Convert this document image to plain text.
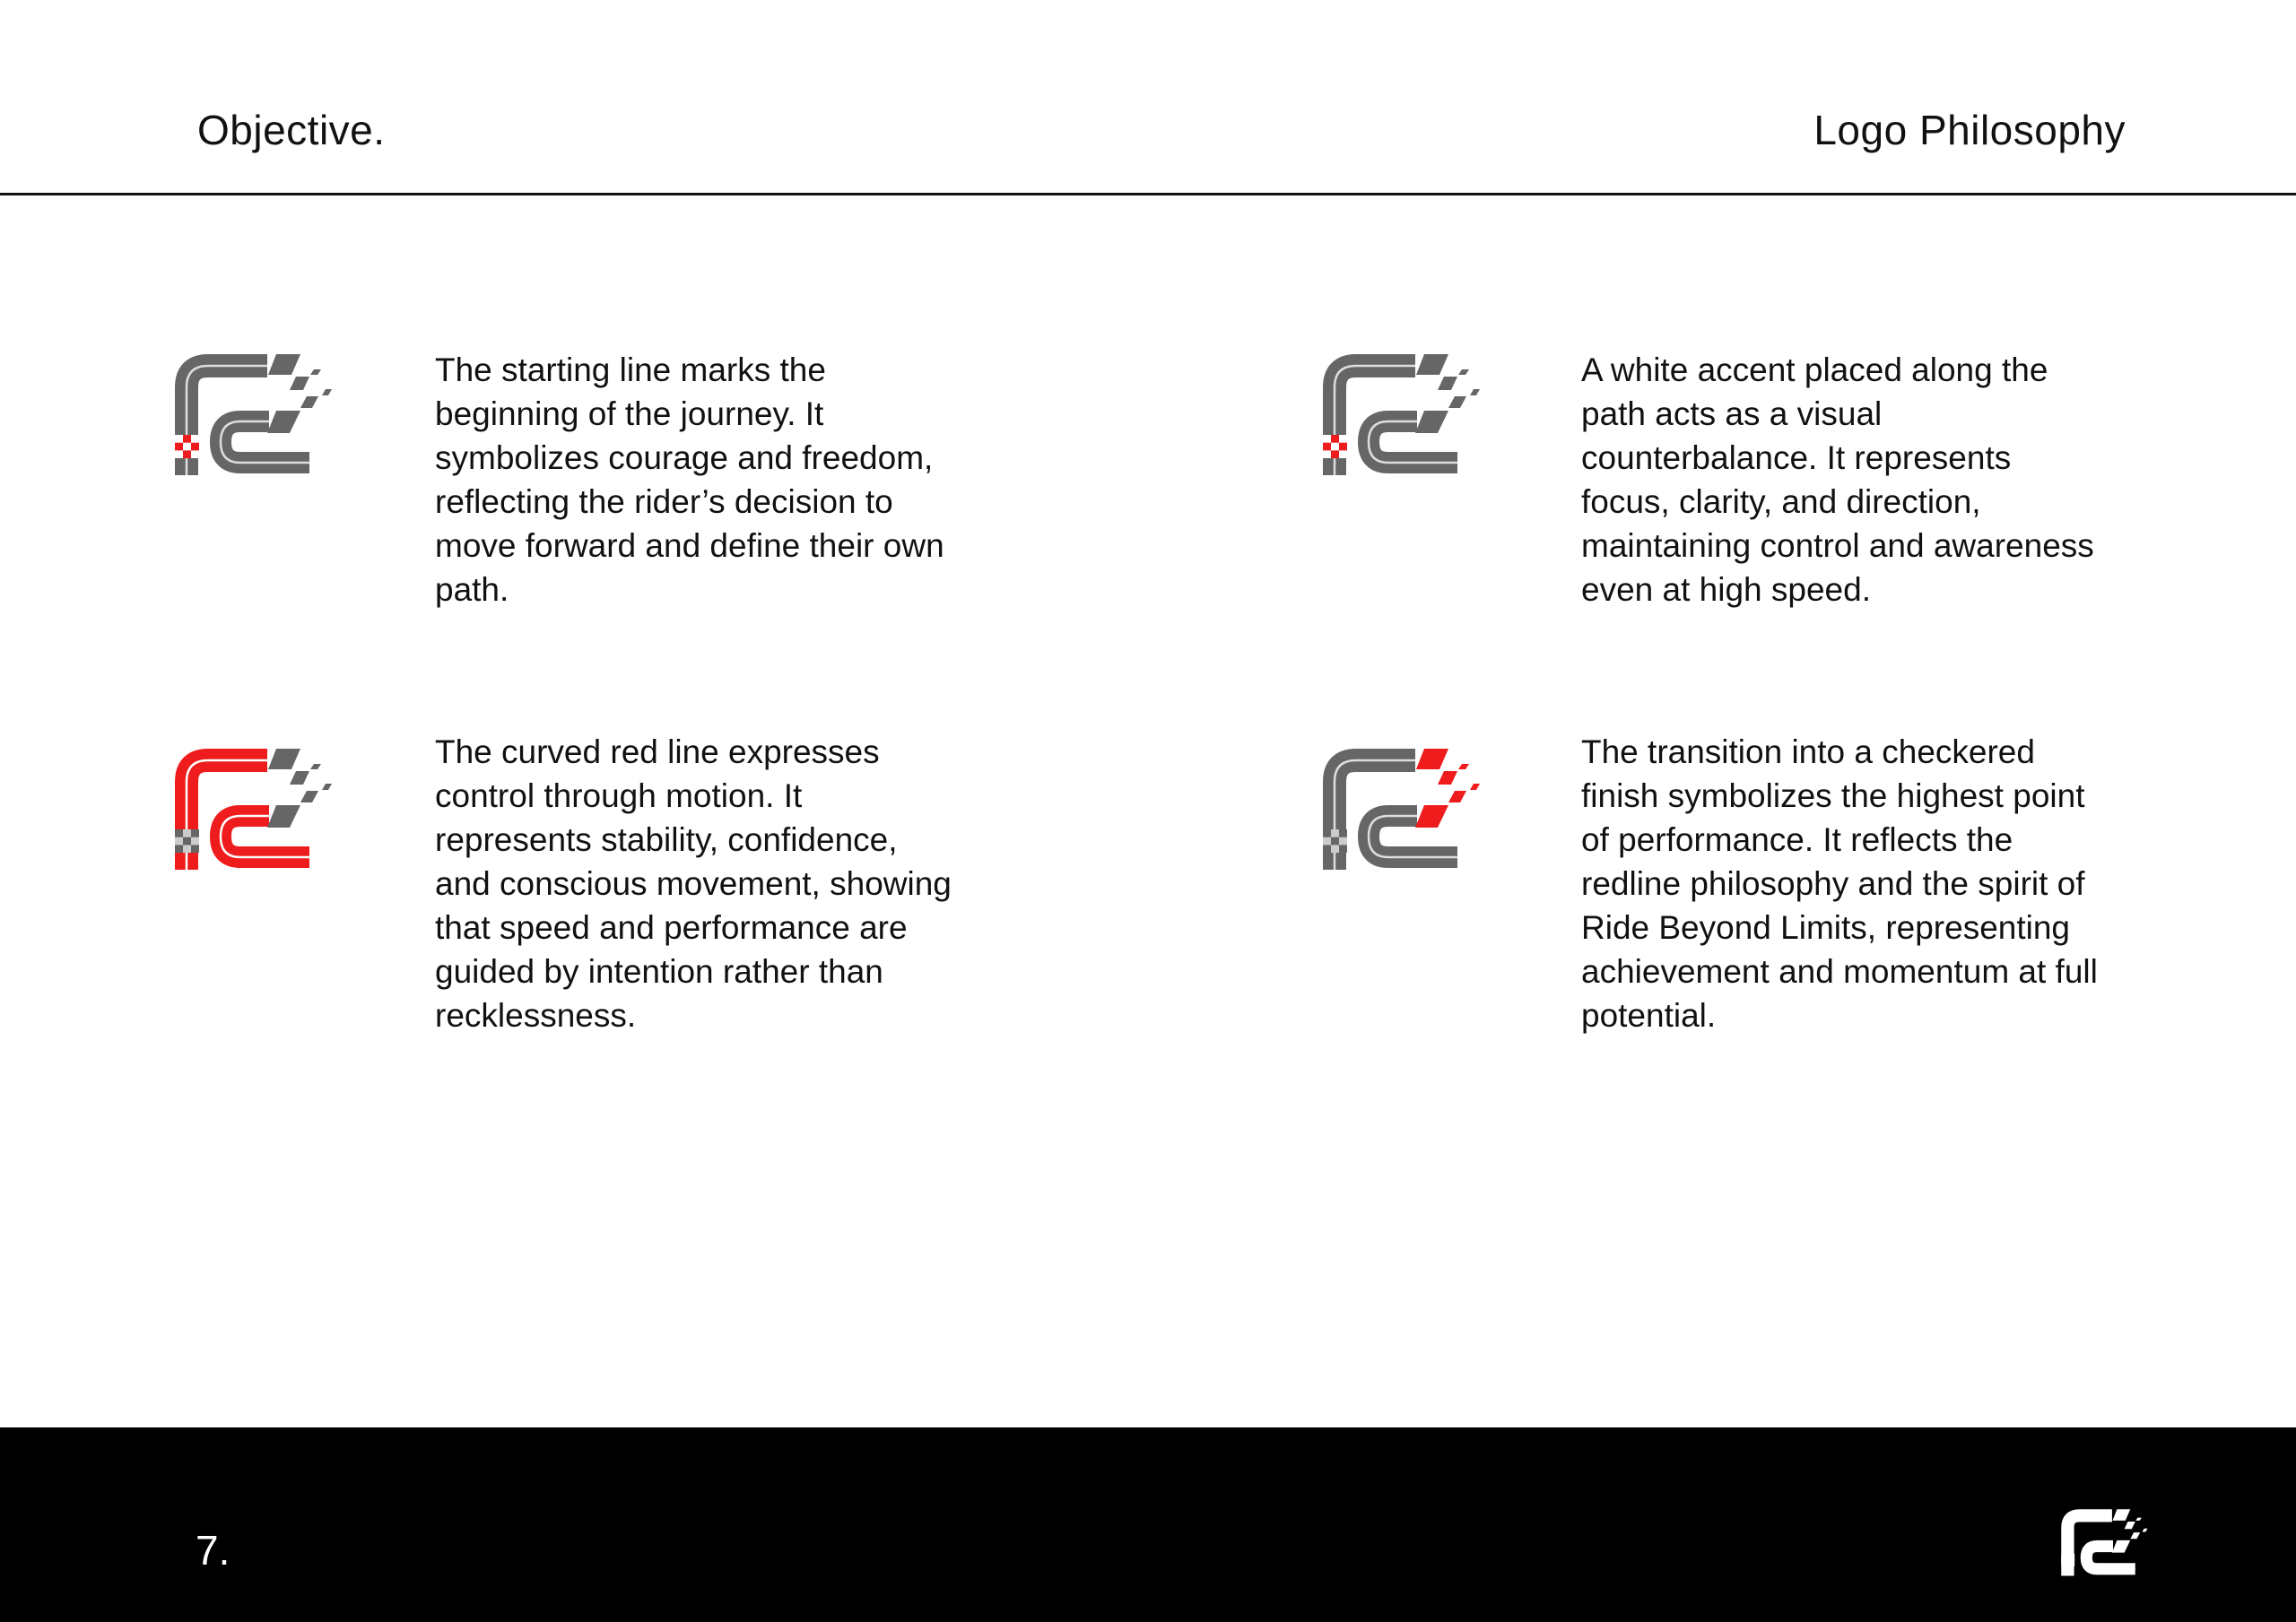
Objective.	Logo Philosophy
The starting line marks the
beginning of the journey. It
symbolizes courage and freedom,
reflecting the rider’s decision to
move forward and define their own
path.
A white accent placed along the
path acts as a visual
counterbalance. It represents
focus, clarity, and direction,
maintaining control and awareness
even at high speed.
The curved red line expresses
control through motion. It
represents stability, confidence,
and conscious movement, showing
that speed and performance are
guided by intention rather than
recklessness.
The transition into a checkered
finish symbolizes the highest point
of performance. It reflects the
redline philosophy and the spirit of
Ride Beyond Limits, representing
achievement and momentum at full
potential.
7.
